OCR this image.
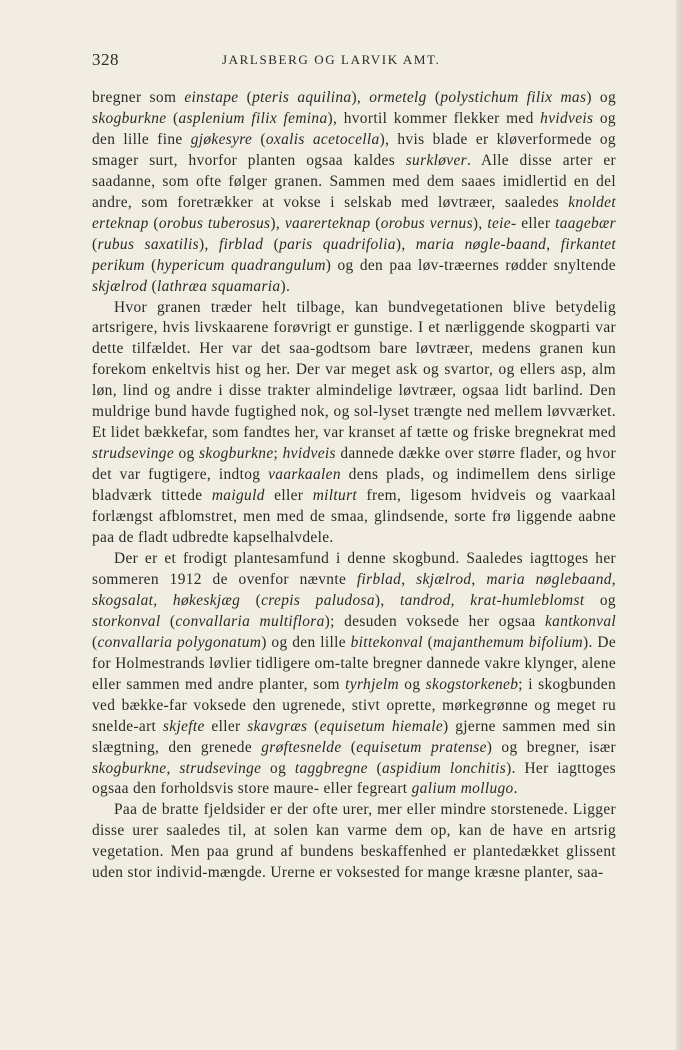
328	JARLSBERG OG LARVIK AMT.

bregner som einstape (pteris aquilina), ormetelg (polystichum filix mas) og skogburkne (asplenium filix femina), hvortil kommer flekker med hvidveis og den lille fine gjøkesyre (oxalis acetocella), hvis blade er kløverformede og smager surt, hvorfor planten ogsaa kaldes surkløver. Alle disse arter er saadanne, som ofte følger granen. Sammen med dem saaes imidlertid en del andre, som foretrækker at vokse i selskab med løvtræer, saaledes knoldet erteknap (orobus tuberosus), vaarerteknap (orobus vernus), teie- eller taagebær (rubus saxatilis), firblad (paris quadrifolia), maria nøgle-baand, firkantet perikum (hypericum quadrangulum) og den paa løv-træernes rødder snyltende skjælrod (lathræa squamaria).

Hvor granen træder helt tilbage, kan bundvegetationen blive betydelig artsrigere, hvis livskaarene forøvrigt er gunstige. I et nærliggende skogparti var dette tilfældet. Her var det saa-godtsom bare løvtræer, medens granen kun forekom enkeltvis hist og her. Der var meget ask og svartor, og ellers asp, alm løn, lind og andre i disse trakter almindelige løvtræer, ogsaa lidt barlind. Den muldrige bund havde fugtighed nok, og sol-lyset trængte ned mellem løvværket. Et lidet bækkefar, som fandtes her, var kranset af tætte og friske bregnekrat med strudsevinge og skogburkne; hvidveis dannede dække over større flader, og hvor det var fugtigere, indtog vaarkaalen dens plads, og indimellem dens sirlige bladværk tittede maiguld eller milturt frem, ligesom hvidveis og vaarkaal forlængst afblomstret, men med de smaa, glindsende, sorte frø liggende aabne paa de fladt udbredte kapselhalvdele.

Der er et frodigt plantesamfund i denne skogbund. Saaledes iagttoges her sommeren 1912 de ovenfor nævnte firblad, skjælrod, maria nøglebaand, skogsalat, høkeskjæg (crepis paludosa), tandrod, krat-humleblomst og storkonval (convallaria multiflora); desuden voksede her ogsaa kantkonval (convallaria polygonatum) og den lille bittekonval (majanthemum bifolium). De for Holmestrands løvlier tidligere om-talte bregner dannede vakre klynger, alene eller sammen med andre planter, som tyrhjelm og skogstorkeneb; i skogbunden ved bække-far voksede den ugrenede, stivt oprette, mørkegrønne og meget ru snelde-art skjefte eller skavgræs (equisetum hiemale) gjerne sammen med sin slægtning, den grenede grøftesnelde (equisetum pratense) og bregner, især skogburkne, strudsevinge og taggbregne (aspidium lonchitis). Her iagttoges ogsaa den forholdsvis store maure- eller fegreart galium mollugo.

Paa de bratte fjeldsider er der ofte urer, mer eller mindre storstenede. Ligger disse urer saaledes til, at solen kan varme dem op, kan de have en artsrig vegetation. Men paa grund af bundens beskaffenhed er plantedækket glissent uden stor individ-mængde. Urerne er voksested for mange kræsne planter, saa-
